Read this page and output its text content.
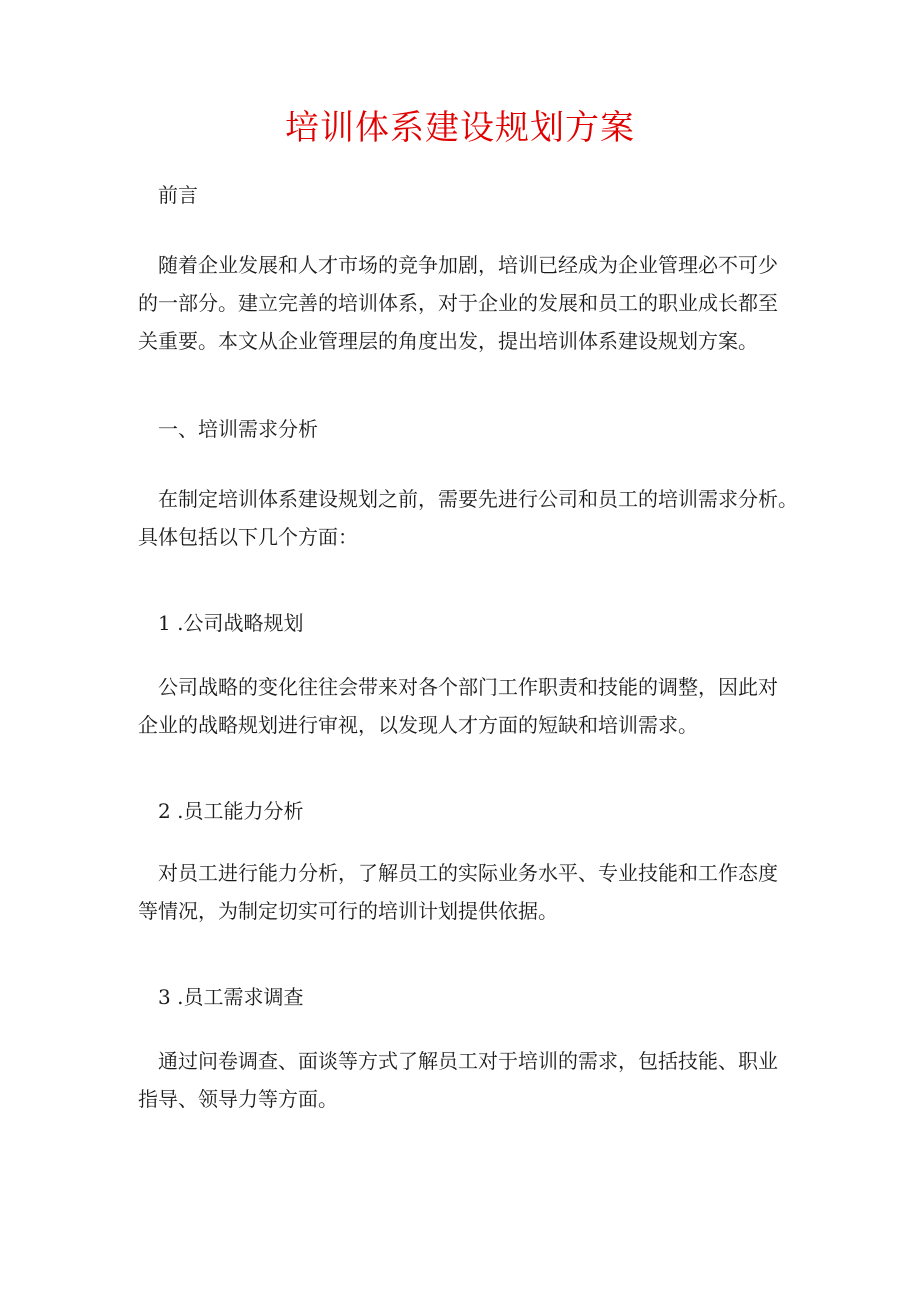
培训体系建设规划方案

前言

随着企业发展和人才市场的竞争加剧，培训已经成为企业管理必不可少
的一部分。建立完善的培训体系，对于企业的发展和员工的职业成长都至
关重要。本文从企业管理层的角度出发，提出培训体系建设规划方案。

一、培训需求分析

在制定培训体系建设规划之前，需要先进行公司和员工的培训需求分析。
具体包括以下几个方面：

1 .公司战略规划

公司战略的变化往往会带来对各个部门工作职责和技能的调整，因此对
企业的战略规划进行审视，以发现人才方面的短缺和培训需求。

2 .员工能力分析

对员工进行能力分析，了解员工的实际业务水平、专业技能和工作态度
等情况，为制定切实可行的培训计划提供依据。

3 .员工需求调查

通过问卷调查、面谈等方式了解员工对于培训的需求，包括技能、职业
指导、领导力等方面。
